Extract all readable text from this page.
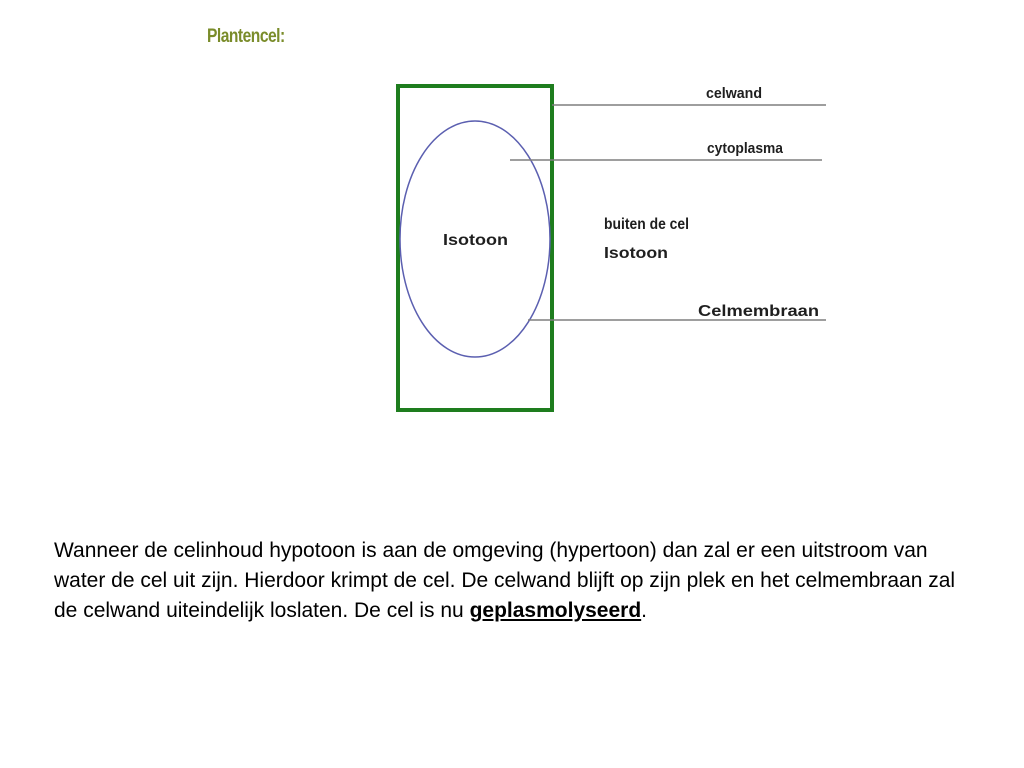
Plantencel:
celwand
cytoplasma
buiten de cel
Isotoon
Isotoon
Celmembraan
Wanneer de celinhoud hypotoon is aan de omgeving (hypertoon) dan zal er een uitstroom van water de cel uit zijn. Hierdoor krimpt de cel. De celwand blijft op zijn plek en het celmembraan zal de celwand uiteindelijk loslaten. De cel is nu geplasmolyseerd.
